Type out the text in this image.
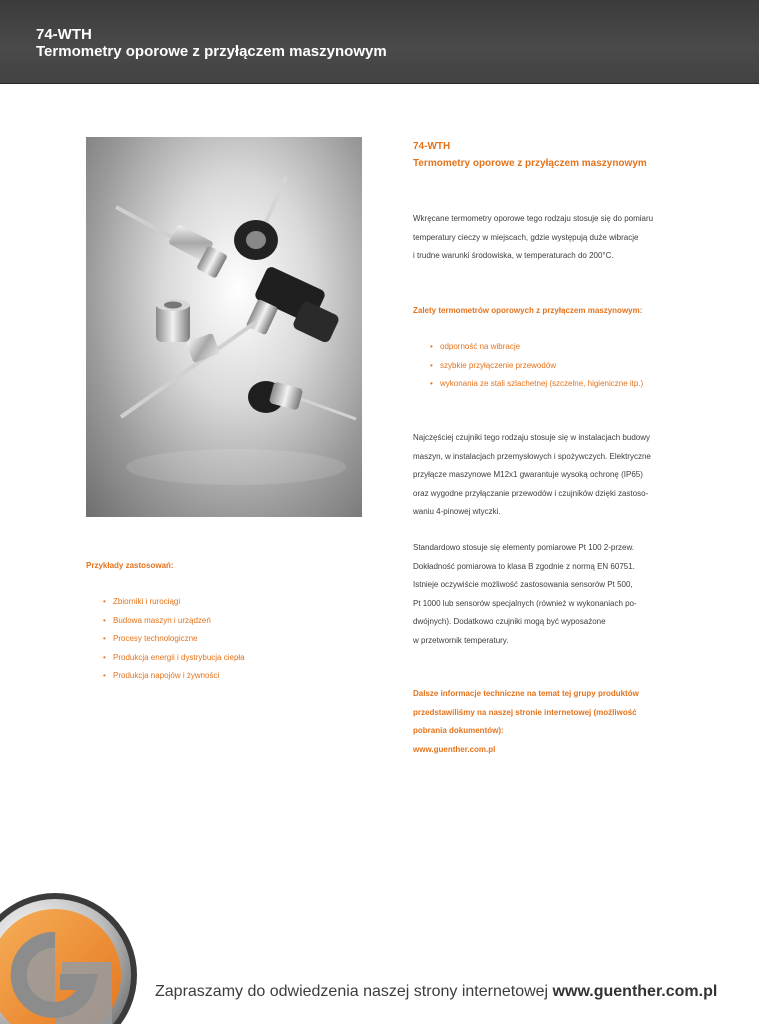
74-WTH
Termometry oporowe z przyłączem maszynowym
74-WTH
Termometry oporowe z przyłączem maszynowym
Wkręcane termometry oporowe tego rodzaju stosuje się do pomiaru
temperatury cieczy w miejscach, gdzie występują duże wibracje
i trudne warunki środowiska, w temperaturach do 200°C.
Zalety termometrów oporowych z przyłączem maszynowym:
• odporność na wibracje
• szybkie przyłączenie przewodów
• wykonania ze stali szlachetnej (szczelne, higieniczne itp.)
Najczęściej czujniki tego rodzaju stosuje się w instalacjach budowy
maszyn, w instalacjach przemysłowych i spożywczych. Elektryczne
przyłącze maszynowe M12x1 gwarantuje wysoką ochronę (IP65)
oraz wygodne przyłączanie przewodów i czujników dzięki zastoso-
waniu 4-pinowej wtyczki.
Standardowo stosuje się elementy pomiarowe Pt 100 2-przew.
Dokładność pomiarowa to klasa B zgodnie z normą EN 60751.
Istnieje oczywiście możliwość zastosowania sensorów Pt 500,
Pt 1000 lub sensorów specjalnych (również w wykonaniach po-
dwójnych). Dodatkowo czujniki mogą być wyposażone
w przetwornik temperatury.
Dalsze informacje techniczne na temat tej grupy produktów
przedstawiliśmy na naszej stronie internetowej (możliwość
pobrania dokumentów):
www.guenther.com.pl
Przykłady zastosowań:
• Zbiorniki i rurociągi
• Budowa maszyn i urządzeń
• Procesy technologiczne
• Produkcja energii i dystrybucja ciepła
• Produkcja napojów i żywności
Zapraszamy do odwiedzenia naszej strony internetowej www.guenther.com.pl
